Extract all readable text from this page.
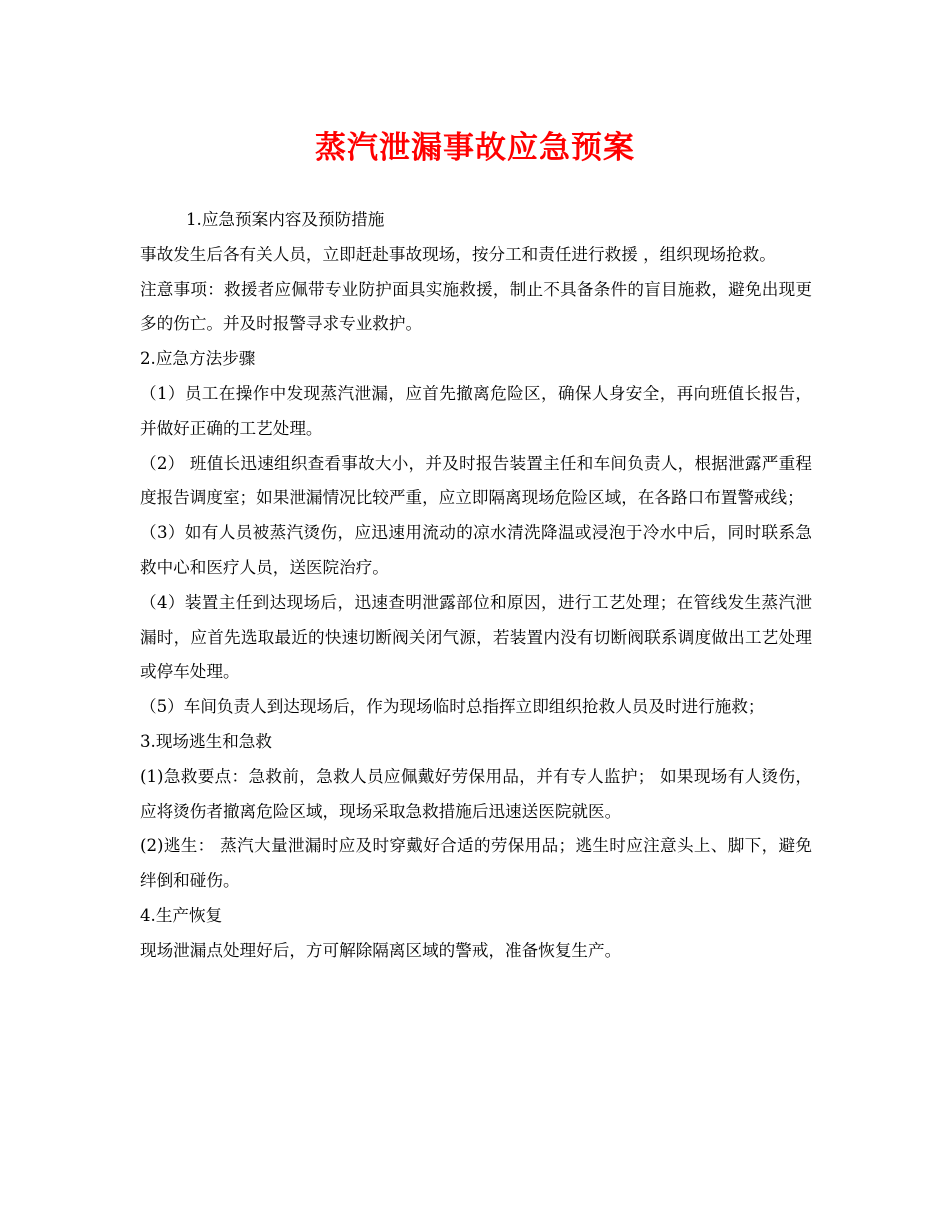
蒸汽泄漏事故应急预案

1.应急预案内容及预防措施

事故发生后各有关人员，立即赶赴事故现场，按分工和责任进行救援 ，组织现场抢救。

注意事项：救援者应佩带专业防护面具实施救援，制止不具备条件的盲目施救，避免出现更多的伤亡。并及时报警寻求专业救护。

2.应急方法步骤

（1）员工在操作中发现蒸汽泄漏，应首先撤离危险区，确保人身安全，再向班值长报告，并做好正确的工艺处理。

（2） 班值长迅速组织查看事故大小，并及时报告装置主任和车间负责人，根据泄露严重程度报告调度室；如果泄漏情况比较严重，应立即隔离现场危险区域，在各路口布置警戒线；

（3）如有人员被蒸汽烫伤，应迅速用流动的凉水清洗降温或浸泡于冷水中后，同时联系急救中心和医疗人员，送医院治疗。

（4）装置主任到达现场后，迅速查明泄露部位和原因，进行工艺处理；在管线发生蒸汽泄漏时，应首先选取最近的快速切断阀关闭气源，若装置内没有切断阀联系调度做出工艺处理或停车处理。

（5）车间负责人到达现场后，作为现场临时总指挥立即组织抢救人员及时进行施救；

3.现场逃生和急救

(1)急救要点：急救前，急救人员应佩戴好劳保用品，并有专人监护； 如果现场有人烫伤，应将烫伤者撤离危险区域，现场采取急救措施后迅速送医院就医。

(2)逃生： 蒸汽大量泄漏时应及时穿戴好合适的劳保用品；逃生时应注意头上、脚下，避免绊倒和碰伤。

4.生产恢复

现场泄漏点处理好后，方可解除隔离区域的警戒，准备恢复生产。
